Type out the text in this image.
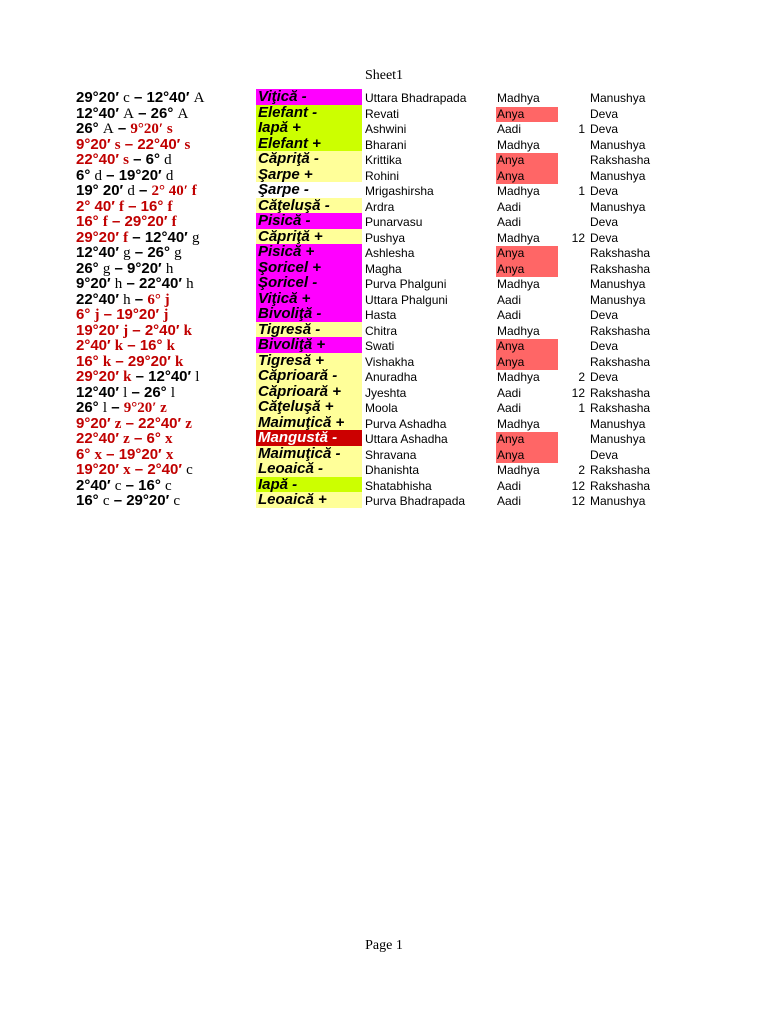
Sheet1
29°20′ c – 12°40′ A	Viţică -	Uttara Bhadrapada	Madhya	Manushya
12°40′ A – 26° A	Elefant -	Revati	Anya	Deva
26° A – 9°20′ s	Iapă +	Ashwini	Aadi	1 Deva
9°20′ s – 22°40′ s	Elefant +	Bharani	Madhya	Manushya
22°40′ s – 6° d	Căpriţă -	Krittika	Anya	Rakshasha
6° d – 19°20′ d	Şarpe +	Rohini	Anya	Manushya
19° 20′ d – 2° 40′ f	Şarpe -	Mrigashirsha	Madhya	1 Deva
2° 40′ f – 16° f	Căţeluşă -	Ardra	Aadi	Manushya
16° f – 29°20′ f	Pisică -	Punarvasu	Aadi	Deva
29°20′ f – 12°40′ g	Căpriţă +	Pushya	Madhya	12 Deva
12°40′ g – 26° g	Pisică +	Ashlesha	Anya	Rakshasha
26° g – 9°20′ h	Şoricel +	Magha	Anya	Rakshasha
9°20′ h – 22°40′ h	Şoricel -	Purva Phalguni	Madhya	Manushya
22°40′ h – 6° j	Viţică +	Uttara Phalguni	Aadi	Manushya
6° j – 19°20′ j	Bivoliţă -	Hasta	Aadi	Deva
19°20′ j – 2°40′ k	Tigresă -	Chitra	Madhya	Rakshasha
2°40′ k – 16° k	Bivoliţă +	Swati	Anya	Deva
16° k – 29°20′ k	Tigresă +	Vishakha	Anya	Rakshasha
29°20′ k – 12°40′ l	Căprioară -	Anuradha	Madhya	2 Deva
12°40′ l – 26° l	Căprioară +	Jyeshta	Aadi	12 Rakshasha
26° l – 9°20′ z	Căţeluşă +	Moola	Aadi	1 Rakshasha
9°20′ z – 22°40′ z	Maimuţică +	Purva Ashadha	Madhya	Manushya
22°40′ z – 6° x	Mangustă -	Uttara Ashadha	Anya	Manushya
6° x – 19°20′ x	Maimuţică -	Shravana	Anya	Deva
19°20′ x – 2°40′ c	Leoaică -	Dhanishta	Madhya	2 Rakshasha
2°40′ c – 16° c	Iapă -	Shatabhisha	Aadi	12 Rakshasha
16° c – 29°20′ c	Leoaică +	Purva Bhadrapada	Aadi	12 Manushya
Page 1
